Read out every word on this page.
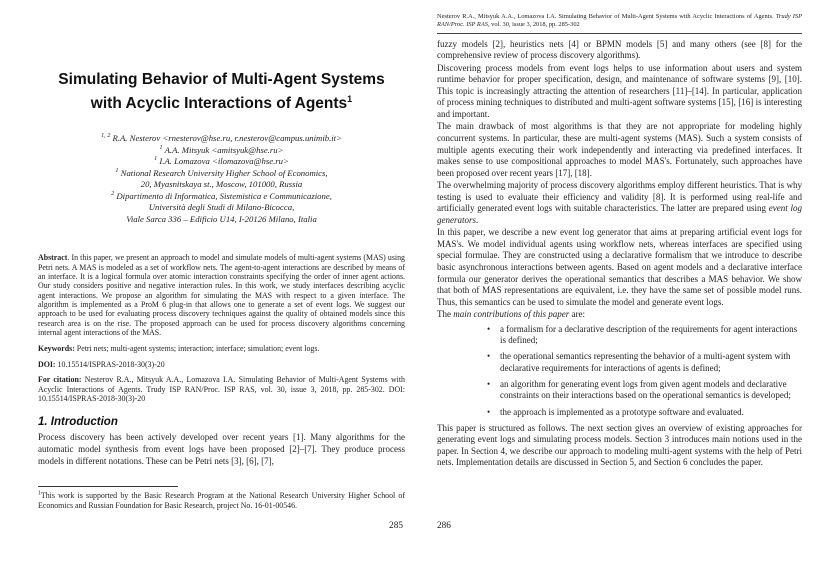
Simulating Behavior of Multi-Agent Systems
with Acyclic Interactions of Agents$^1$
$^{1, 2}$ R.A. Nesterov <rnesterov@hse.ru, r.nesterov@campus.unimib.it>
$^1$ A.A. Mitsyuk <amitsyuk@hse.ru>
$^1$ I.A. Lomazova <ilomazova@hse.ru>
$^1$ National Research University Higher School of Economics,
20, Myasnitskaya st., Moscow, 101000, Russia
$^2$ Dipartimento di Informatica, Sistemistica e Communicazione,
Università degli Studi di Milano-Bicocca,
Viale Sarca 336 – Edificio U14, I-20126 Milano, Italia
Abstract. In this paper, we present an approach to model and simulate models of multi-agent systems (MAS) using Petri nets. A MAS is modeled as a set of workflow nets. The agent-to-agent interactions are described by means of an interface. It is a logical formula over atomic interaction constraints specifying the order of inner agent actions. Our study considers positive and negative interaction rules. In this work, we study interfaces describing acyclic agent interactions. We propose an algorithm for simulating the MAS with respect to a given interface. The algorithm is implemented as a ProM 6 plug-in that allows one to generate a set of event logs. We suggest our approach to be used for evaluating process discovery techniques against the quality of obtained models since this research area is on the rise. The proposed approach can be used for process discovery algorithms concerning internal agent interactions of the MAS.
Keywords: Petri nets; multi-agent systems; interaction; interface; simulation; event logs.
DOI: 10.15514/ISPRAS-2018-30(3)-20
For citation: Nesterov R.A., Mitsyuk A.A., Lomazova I.A. Simulating Behavior of Multi-Agent Systems with Acyclic Interactions of Agents. Trudy ISP RAN/Proc. ISP RAS, vol. 30, issue 3, 2018, pp. 285-302. DOI: 10.15514/ISPRAS-2018-30(3)-20
1. Introduction
Process discovery has been actively developed over recent years [1]. Many algorithms for the automatic model synthesis from event logs have been proposed [2]–[7]. They produce process models in different notations. These can be Petri nets [3], [6], [7],
$^1$This work is supported by the Basic Research Program at the National Research University Higher School of Economics and Russian Foundation for Basic Research, project No. 16-01-00546.
285
Nesterov R.A., Mitsyuk A.A., Lomazova I.A. Simulating Behavior of Multi-Agent Systems with Acyclic Interactions of Agents. Trudy ISP RAN/Proc. ISP RAS, vol. 30, issue 3, 2018, pp. 285-302

fuzzy models [2], heuristics nets [4] or BPMN models [5] and many others (see [8] for the comprehensive review of process discovery algorithms).

Discovering process models from event logs helps to use information about users and system runtime behavior for proper specification, design, and maintenance of software systems [9], [10]. This topic is increasingly attracting the attention of researchers [11]–[14]. In particular, application of process mining techniques to distributed and multi-agent software systems [15], [16] is interesting and important.

The main drawback of most algorithms is that they are not appropriate for modeling highly concurrent systems. In particular, these are multi-agent systems (MAS). Such a system consists of multiple agents executing their work independently and interacting via predefined interfaces. It makes sense to use compositional approaches to model MAS's. Fortunately, such approaches have been proposed over recent years [17], [18].

The overwhelming majority of process discovery algorithms employ different heuristics. That is why testing is used to evaluate their efficiency and validity [8]. It is performed using real-life and artificially generated event logs with suitable characteristics. The latter are prepared using event log generators.

In this paper, we describe a new event log generator that aims at preparing artificial event logs for MAS's. We model individual agents using workflow nets, whereas interfaces are specified using special formulae. They are constructed using a declarative formalism that we introduce to describe basic asynchronous interactions between agents. Based on agent models and a declarative interface formula our generator derives the operational semantics that describes a MAS behavior. We show that both of MAS representations are equivalent, i.e. they have the same set of possible model runs. Thus, this semantics can be used to simulate the model and generate event logs.

The main contributions of this paper are:

• a formalism for a declarative description of the requirements for agent interactions is defined;
• the operational semantics representing the behavior of a multi-agent system with declarative requirements for interactions of agents is defined;
• an algorithm for generating event logs from given agent models and declarative constraints on their interactions based on the operational semantics is developed;
• the approach is implemented as a prototype software and evaluated.

This paper is structured as follows. The next section gives an overview of existing approaches for generating event logs and simulating process models. Section 3 introduces main notions used in the paper. In Section 4, we describe our approach to modeling multi-agent systems with the help of Petri nets. Implementation details are discussed in Section 5, and Section 6 concludes the paper.

286
